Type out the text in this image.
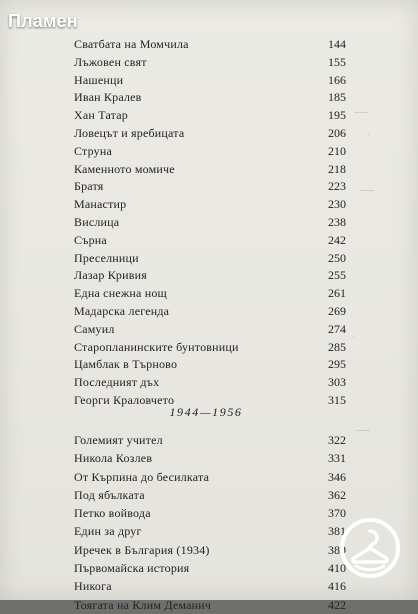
Пламен
—
·
—
·
—
Сватбата на Момчила	144
Лъжовен свят	155
Нашенци	166
Иван Кралев	185
Хан Татар	195
Ловецът и яребицата	206
Струна	210
Каменното момиче	218
Братя	223
Манастир	230
Вислица	238
Сърна	242
Преселници	250
Лазар Кривия	255
Една снежна нощ	261
Мадарска легенда	269
Самуил	274
Старопланинските бунтовници	285
Цамблак в Търново	295
Последният дъх	303
Георги Краловчето	315
1944—1956
Големият учител	322
Никола Козлев	331
От Кърпина до бесилката	346
Под ябълката	362
Петко войвода	370
Един за друг	381
Иречек в България (1934)	389
Първомайска история	410
Никога	416
Тоягата на Клим Деманич	422
